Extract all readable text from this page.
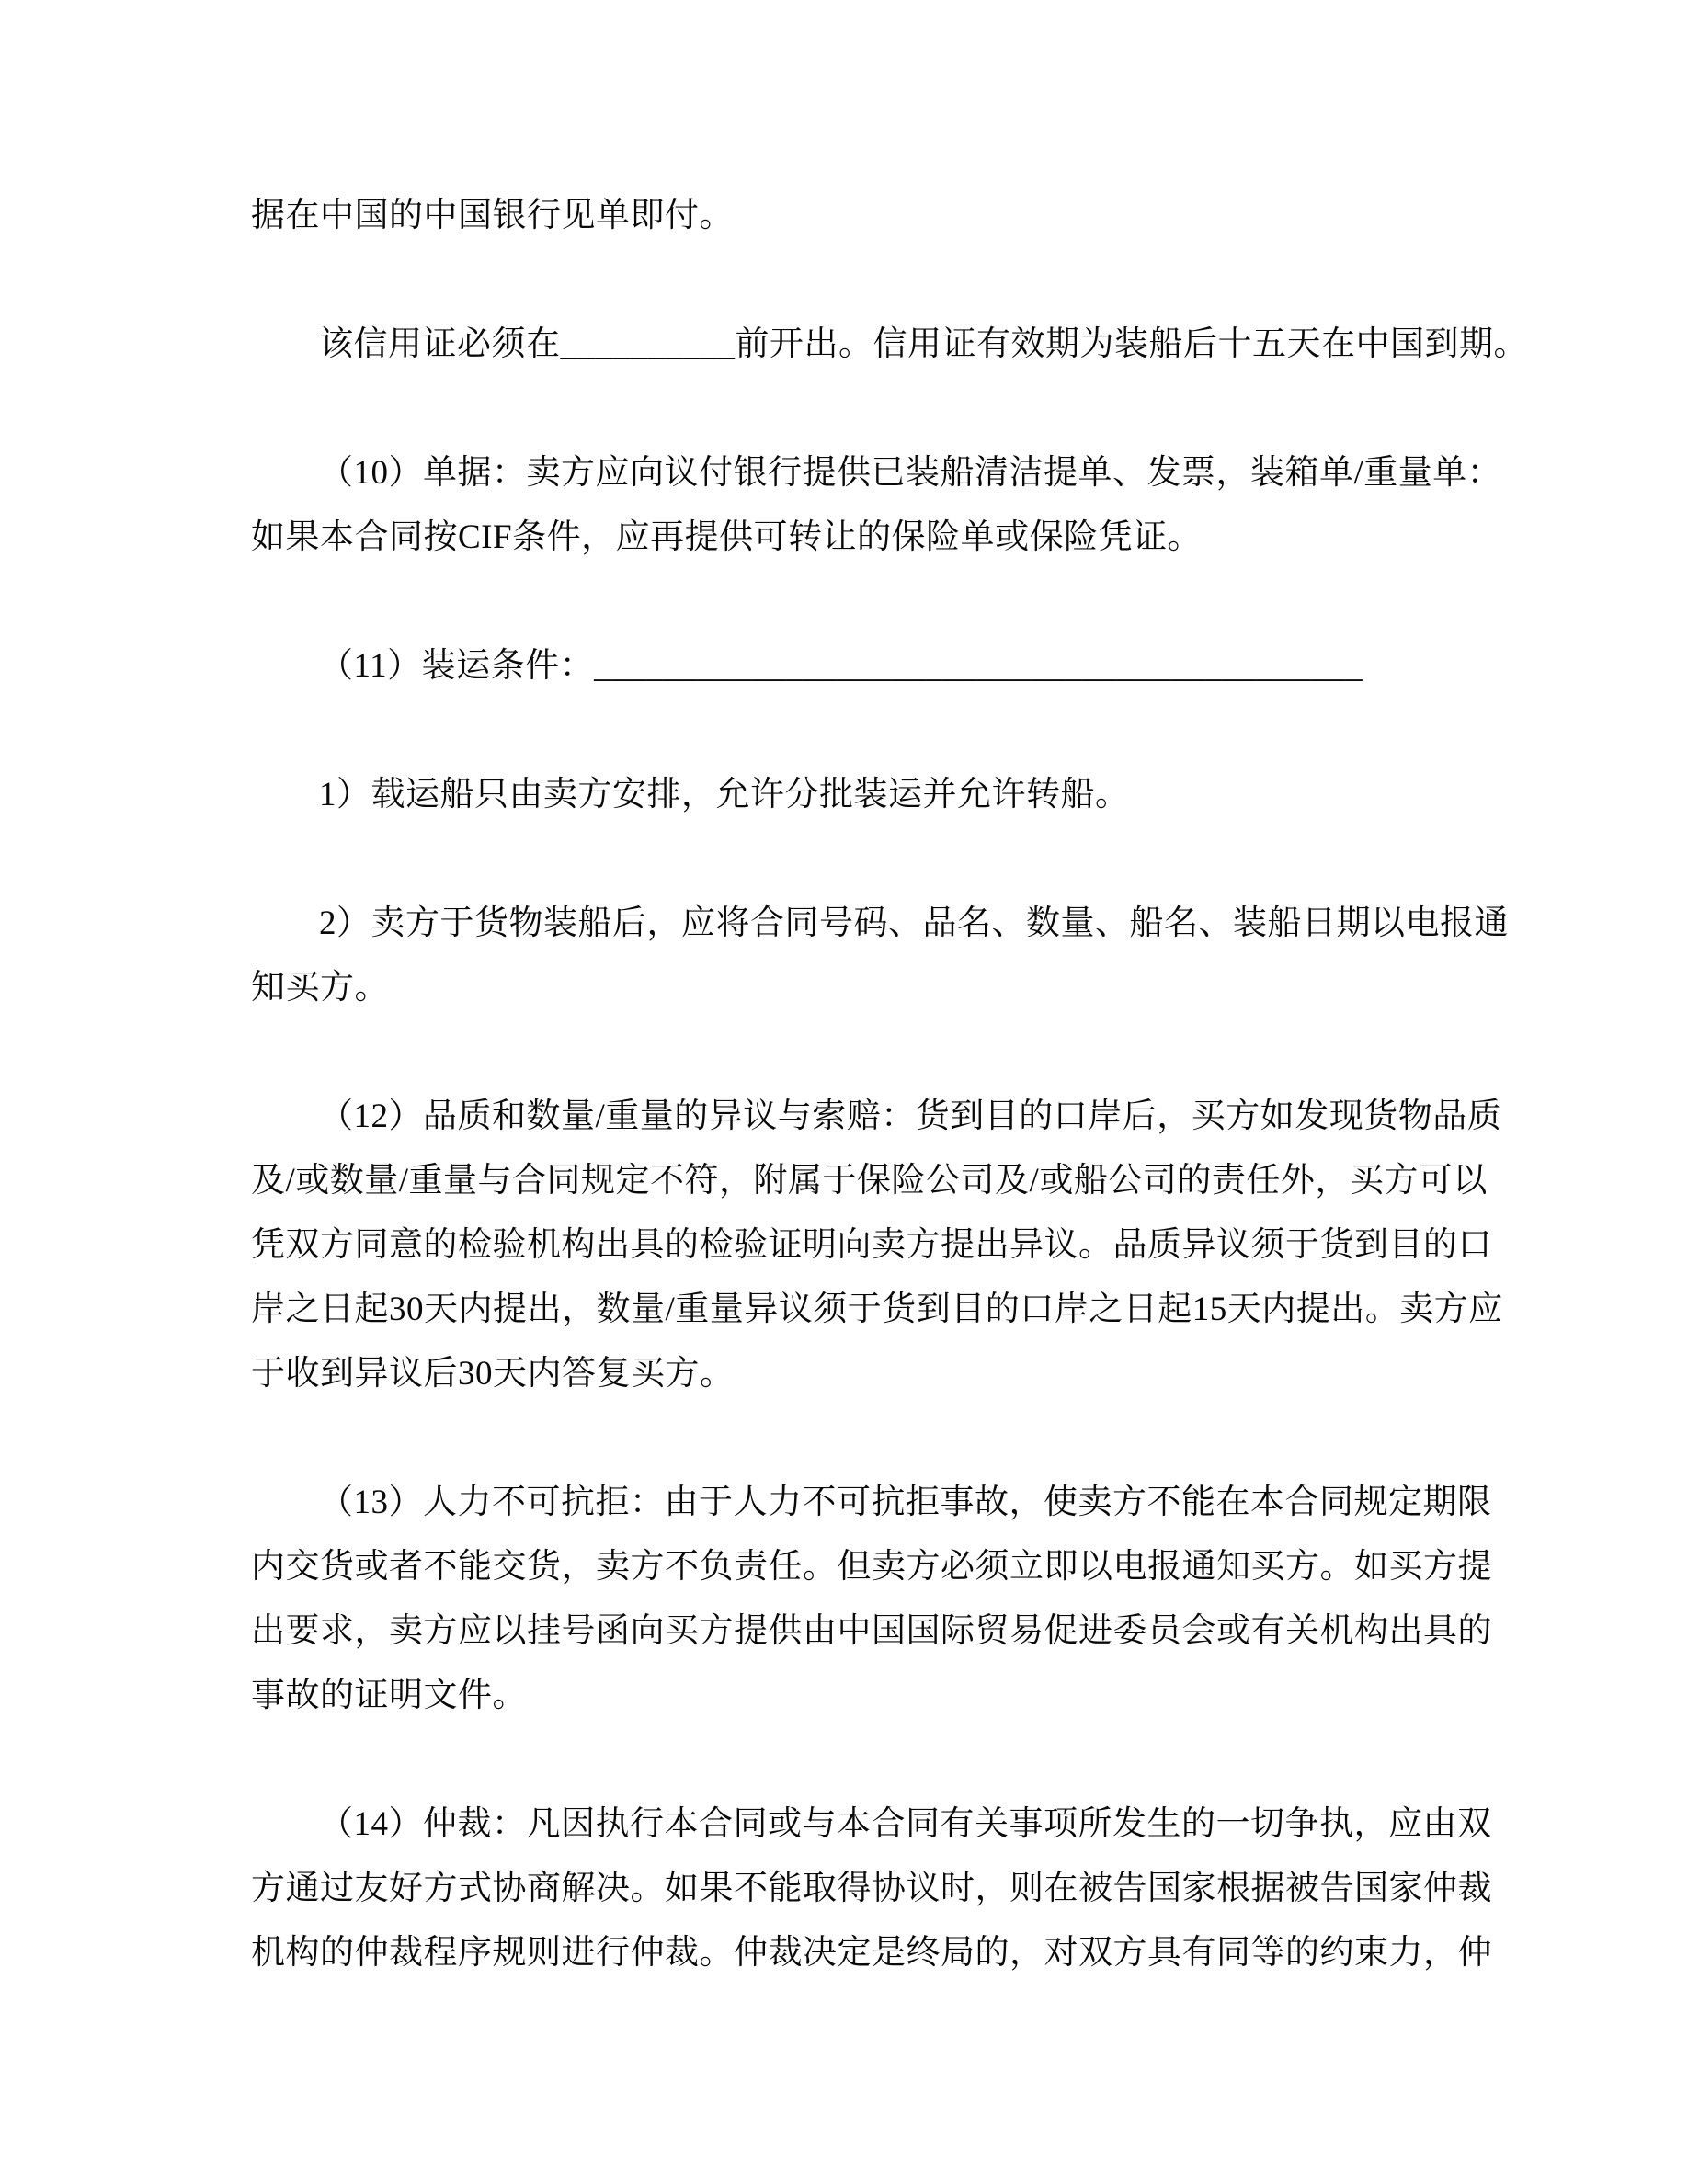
据在中国的中国银行见单即付。
该信用证必须在__________前开出。信用证有效期为装船后十五天在中国到期。
（10）单据：卖方应向议付银行提供已装船清洁提单、发票，装箱单/重量单：
如果本合同按CIF条件，应再提供可转让的保险单或保险凭证。
（11）装运条件：____________________________________________
1）载运船只由卖方安排，允许分批装运并允许转船。
2）卖方于货物装船后，应将合同号码、品名、数量、船名、装船日期以电报通
知买方。
（12）品质和数量/重量的异议与索赔：货到目的口岸后，买方如发现货物品质
及/或数量/重量与合同规定不符，附属于保险公司及/或船公司的责任外，买方可以
凭双方同意的检验机构出具的检验证明向卖方提出异议。品质异议须于货到目的口
岸之日起30天内提出，数量/重量异议须于货到目的口岸之日起15天内提出。卖方应
于收到异议后30天内答复买方。
（13）人力不可抗拒：由于人力不可抗拒事故，使卖方不能在本合同规定期限
内交货或者不能交货，卖方不负责任。但卖方必须立即以电报通知买方。如买方提
出要求，卖方应以挂号函向买方提供由中国国际贸易促进委员会或有关机构出具的
事故的证明文件。
（14）仲裁：凡因执行本合同或与本合同有关事项所发生的一切争执，应由双
方通过友好方式协商解决。如果不能取得协议时，则在被告国家根据被告国家仲裁
机构的仲裁程序规则进行仲裁。仲裁决定是终局的，对双方具有同等的约束力，仲
